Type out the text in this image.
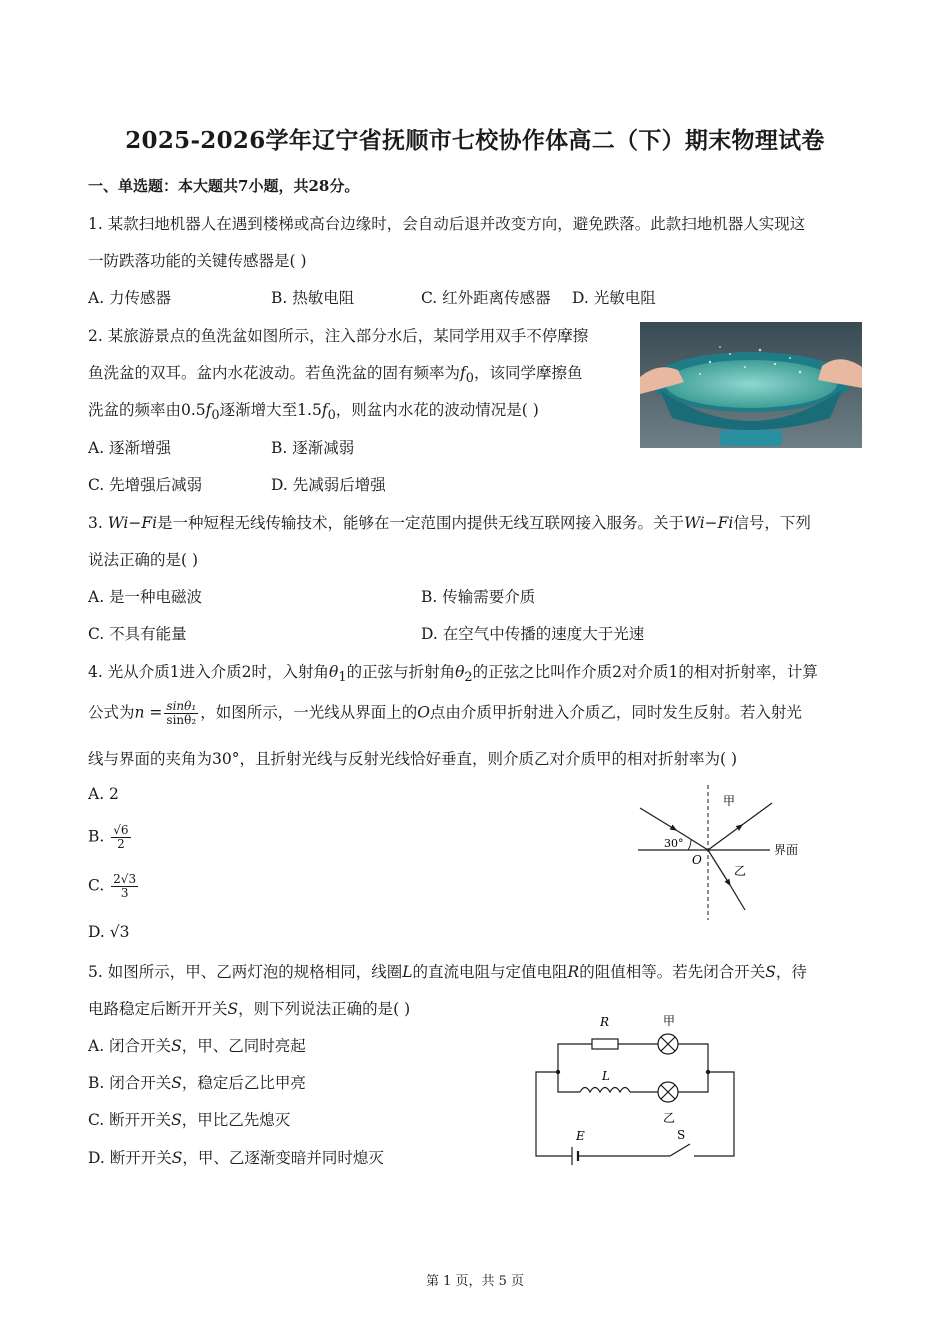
2025-2026学年辽宁省抚顺市七校协作体高二（下）期末物理试卷
一、单选题：本大题共7小题，共28分。
1. 某款扫地机器人在遇到楼梯或高台边缘时，会自动后退并改变方向，避免跌落。此款扫地机器人实现这
一防跌落功能的关键传感器是( )
A. 力传感器	B. 热敏电阻	C. 红外距离传感器 D. 光敏电阻
2. 某旅游景点的鱼洗盆如图所示，注入部分水后，某同学用双手不停摩擦
鱼洗盆的双耳。盆内水花波动。若鱼洗盆的固有频率为$f_0$，该同学摩擦鱼
洗盆的频率由$0.5f_0$逐渐增大至$1.5f_0$，则盆内水花的波动情况是( )
A. 逐渐增强	B. 逐渐减弱
C. 先增强后减弱	D. 先减弱后增强
3. Wi−Fi是一种短程无线传输技术，能够在一定范围内提供无线互联网接入服务。关于Wi−Fi信号，下列
说法正确的是( )
A. 是一种电磁波	B. 传输需要介质
C. 不具有能量	D. 在空气中传播的速度大于光速
4. 光从介质1进入介质2时，入射角$\theta_1$的正弦与折射角$\theta_2$的正弦之比叫作介质2对介质1的相对折射率，计算
公式为$n = \frac{\text{sinθ₁}}{\text{sinθ₂}}$ ，如图所示，一光线从界面上的O点由介质甲折射进入介质乙，同时发生反射。若入射光
线与界面的夹角为30°，且折射光线与反射光线恰好垂直，则介质乙对介质甲的相对折射率为( )
A. 2
B. $\frac{√6}{2}$
C. $\frac{2√3}{3}$
D. √3
30°
O
甲
乙
界面
5. 如图所示，甲、乙两灯泡的规格相同，线圈L的直流电阻与定值电阻R的阻值相等。若先闭合开关S，待
电路稳定后断开开关S，则下列说法正确的是( )
A. 闭合开关S，甲、乙同时亮起
B. 闭合开关S，稳定后乙比甲亮
C. 断开开关S，甲比乙先熄灭
D. 断开开关S，甲、乙逐渐变暗并同时熄灭
R	甲
L
乙
E	S
第 1 页，共 5 页
